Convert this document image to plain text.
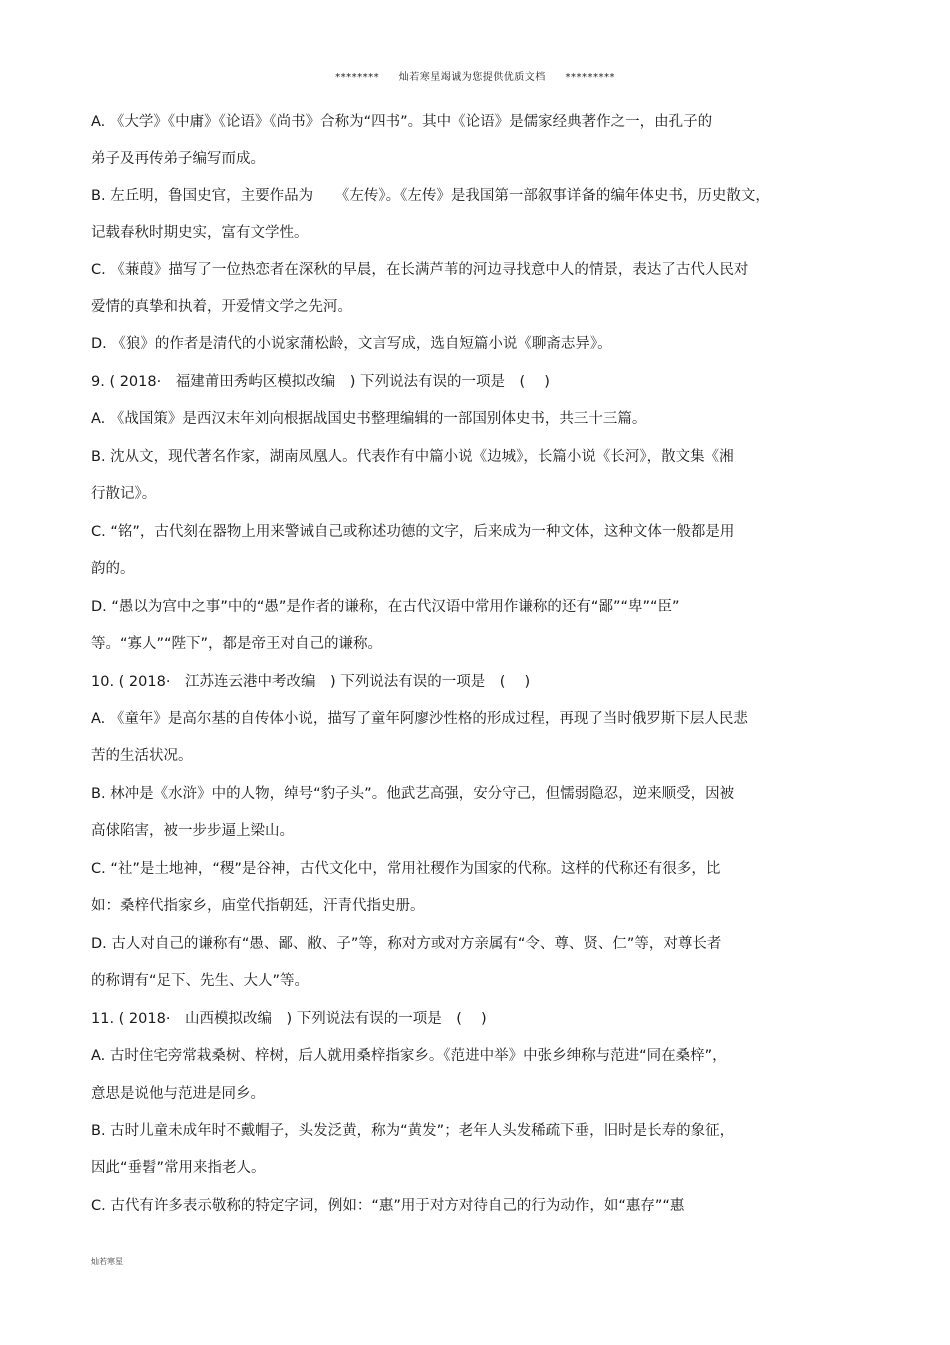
******** 灿若寒星竭诚为您提供优质文档 *********
A. 《大学》《中庸》《论语》《尚书》合称为“四书”。其中《论语》是儒家经典著作之一，由孔子的
弟子及再传弟子编写而成。
B. 左丘明，鲁国史官，主要作品为　　《左传》。《左传》是我国第一部叙事详备的编年体史书，历史散文，
记载春秋时期史实，富有文学性。
C. 《蒹葭》描写了一位热恋者在深秋的早晨，在长满芦苇的河边寻找意中人的情景，表达了古代人民对
爱情的真挚和执着，开爱情文学之先河。
D. 《狼》的作者是清代的小说家蒲松龄，文言写成，选自短篇小说《聊斋志异》。
9. ( 2018·　福建莆田秀屿区模拟改编　) 下列说法有误的一项是　(　 )
A. 《战国策》是西汉末年刘向根据战国史书整理编辑的一部国别体史书，共三十三篇。
B. 沈从文，现代著名作家，湖南凤凰人。代表作有中篇小说《边城》，长篇小说《长河》，散文集《湘
行散记》。
C. “铭”，古代刻在器物上用来警诫自己或称述功德的文字，后来成为一种文体，这种文体一般都是用
韵的。
D. “愚以为宫中之事”中的“愚”是作者的谦称，在古代汉语中常用作谦称的还有“鄙”“卑”“臣”
等。“寡人”“陛下”，都是帝王对自己的谦称。
10. ( 2018·　江苏连云港中考改编　) 下列说法有误的一项是　(　 )
A. 《童年》是高尔基的自传体小说，描写了童年阿廖沙性格的形成过程，再现了当时俄罗斯下层人民悲
苦的生活状况。
B. 林冲是《水浒》中的人物，绰号“豹子头”。他武艺高强，安分守己，但懦弱隐忍，逆来顺受，因被
高俅陷害，被一步步逼上梁山。
C. “社”是土地神，“稷”是谷神，古代文化中，常用社稷作为国家的代称。这样的代称还有很多，比
如：桑梓代指家乡，庙堂代指朝廷，汗青代指史册。
D. 古人对自己的谦称有“愚、鄙、敝、子”等，称对方或对方亲属有“令、尊、贤、仁”等，对尊长者
的称谓有“足下、先生、大人”等。
11. ( 2018·　山西模拟改编　) 下列说法有误的一项是　(　 )
A. 古时住宅旁常栽桑树、梓树，后人就用桑梓指家乡。《范进中举》中张乡绅称与范进“同在桑梓”，
意思是说他与范进是同乡。
B. 古时儿童未成年时不戴帽子，头发泛黄，称为“黄发”；老年人头发稀疏下垂，旧时是长寿的象征，
因此“垂髫”常用来指老人。
C. 古代有许多表示敬称的特定字词，例如：“惠”用于对方对待自己的行为动作，如“惠存”“惠
灿若寒星
